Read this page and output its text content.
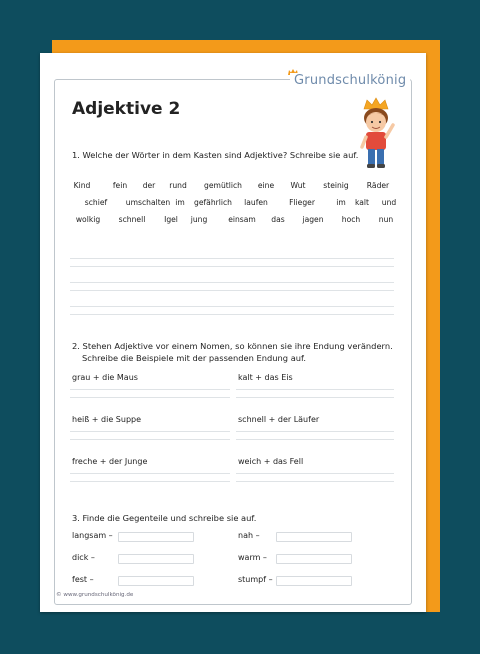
Grundschulkönig
Adjektive 2
1. Welche der Wörter in dem Kasten sind Adjektive? Schreibe sie auf.
Kind	fein der rund gemütlich eine Wut steinig Räder
schief umschalten im gefährlich laufen	Flieger	im kalt und
wolkig schnell Igel jung	einsam das jagen hoch nun
2. Stehen Adjektive vor einem Nomen, so können sie ihre Endung verändern.
Schreibe die Beispiele mit der passenden Endung auf.
grau + die Maus	kalt + das Eis
heiß + die Suppe	schnell + der Läufer
freche + der Junge	weich + das Fell
3. Finde die Gegenteile und schreibe sie auf.
langsam –	nah –
dick –	warm –
fest –	stumpf –
© www.grundschulkönig.de
